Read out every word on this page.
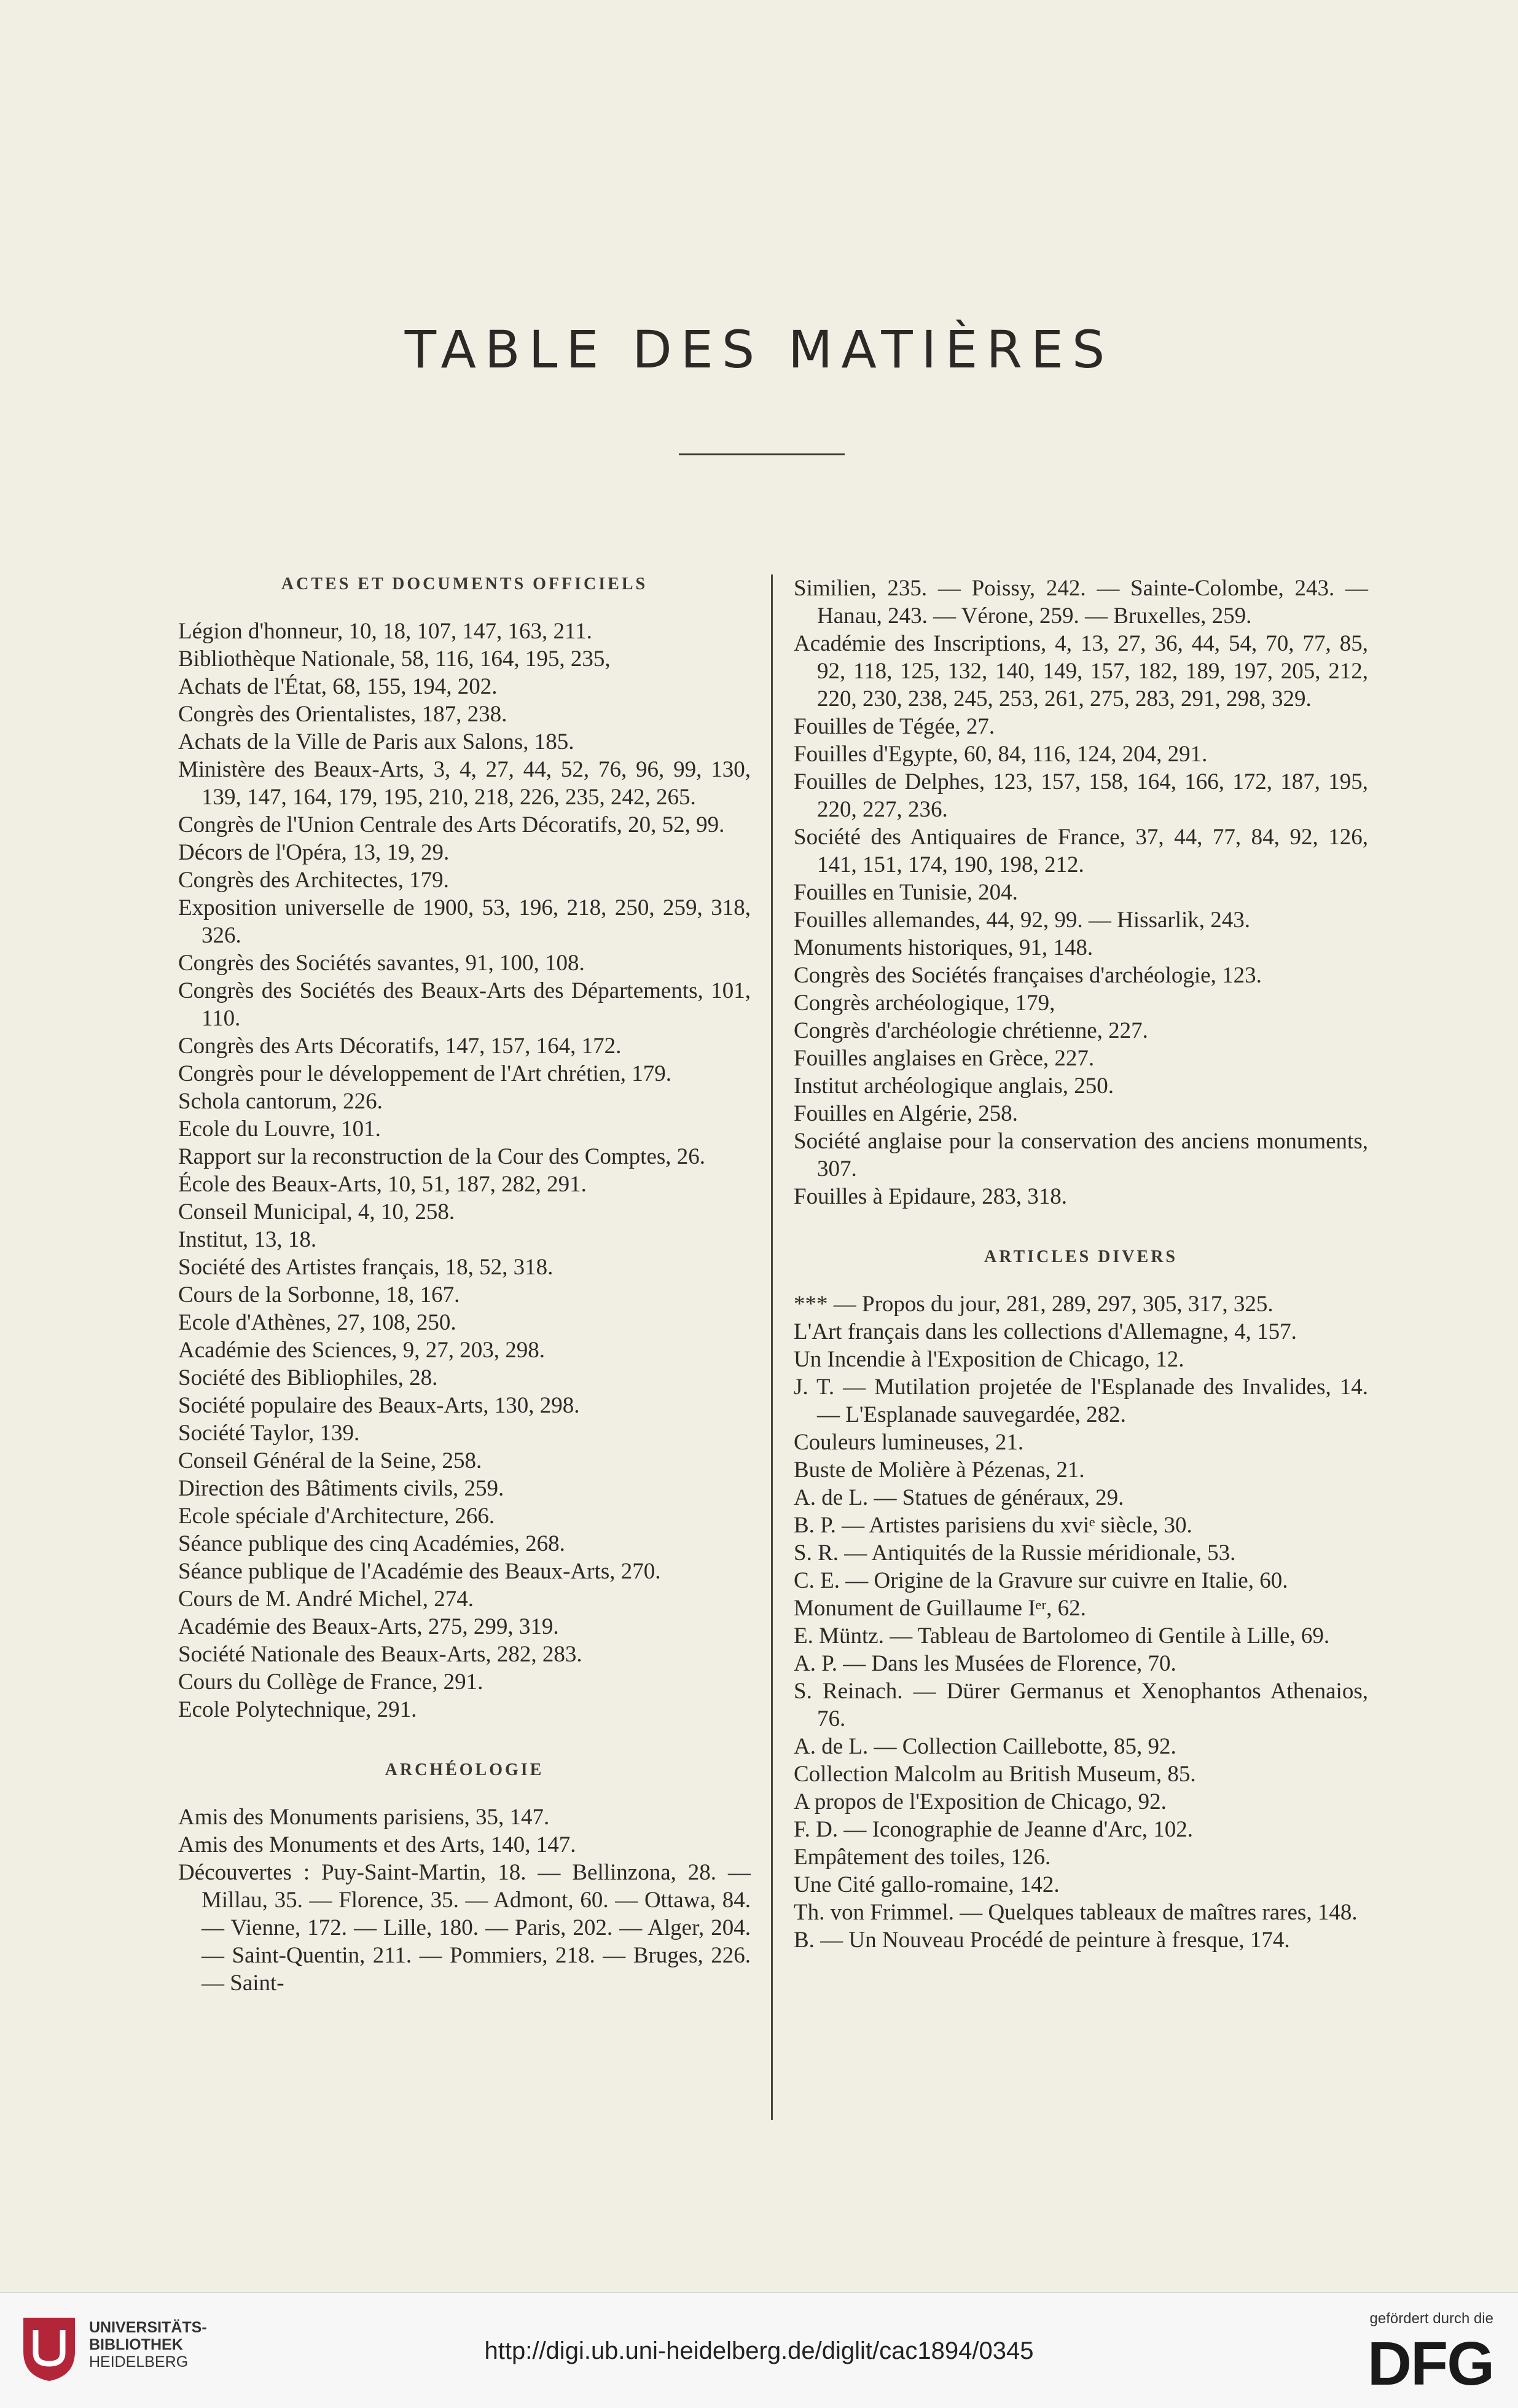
TABLE DES MATIÈRES
ACTES ET DOCUMENTS OFFICIELS

Légion d'honneur, 10, 18, 107, 147, 163, 211.

Bibliothèque Nationale, 58, 116, 164, 195, 235,

Achats de l'État, 68, 155, 194, 202.

Congrès des Orientalistes, 187, 238.

Achats de la Ville de Paris aux Salons, 185.

Ministère des Beaux-Arts, 3, 4, 27, 44, 52, 76, 96, 99, 130, 139, 147, 164, 179, 195, 210, 218, 226, 235, 242, 265.

Congrès de l'Union Centrale des Arts Décoratifs, 20, 52, 99.

Décors de l'Opéra, 13, 19, 29.

Congrès des Architectes, 179.

Exposition universelle de 1900, 53, 196, 218, 250, 259, 318, 326.

Congrès des Sociétés savantes, 91, 100, 108.

Congrès des Sociétés des Beaux-Arts des Départements, 101, 110.

Congrès des Arts Décoratifs, 147, 157, 164, 172.

Congrès pour le développement de l'Art chrétien, 179.

Schola cantorum, 226.

Ecole du Louvre, 101.

Rapport sur la reconstruction de la Cour des Comptes, 26.

École des Beaux-Arts, 10, 51, 187, 282, 291.

Conseil Municipal, 4, 10, 258.

Institut, 13, 18.

Société des Artistes français, 18, 52, 318.

Cours de la Sorbonne, 18, 167.

Ecole d'Athènes, 27, 108, 250.

Académie des Sciences, 9, 27, 203, 298.

Société des Bibliophiles, 28.

Société populaire des Beaux-Arts, 130, 298.

Société Taylor, 139.

Conseil Général de la Seine, 258.

Direction des Bâtiments civils, 259.

Ecole spéciale d'Architecture, 266.

Séance publique des cinq Académies, 268.

Séance publique de l'Académie des Beaux-Arts, 270.

Cours de M. André Michel, 274.

Académie des Beaux-Arts, 275, 299, 319.

Société Nationale des Beaux-Arts, 282, 283.

Cours du Collège de France, 291.

Ecole Polytechnique, 291.

ARCHÉOLOGIE

Amis des Monuments parisiens, 35, 147.

Amis des Monuments et des Arts, 140, 147.

Découvertes : Puy-Saint-Martin, 18. — Bellinzona, 28. — Millau, 35. — Florence, 35. — Admont, 60. — Ottawa, 84. — Vienne, 172. — Lille, 180. — Paris, 202. — Alger, 204. — Saint-Quentin, 211. — Pommiers, 218. — Bruges, 226. — Saint-

Similien, 235. — Poissy, 242. — Sainte-Colombe, 243. — Hanau, 243. — Vérone, 259. — Bruxelles, 259.

Académie des Inscriptions, 4, 13, 27, 36, 44, 54, 70, 77, 85, 92, 118, 125, 132, 140, 149, 157, 182, 189, 197, 205, 212, 220, 230, 238, 245, 253, 261, 275, 283, 291, 298, 329.

Fouilles de Tégée, 27.

Fouilles d'Egypte, 60, 84, 116, 124, 204, 291.

Fouilles de Delphes, 123, 157, 158, 164, 166, 172, 187, 195, 220, 227, 236.

Société des Antiquaires de France, 37, 44, 77, 84, 92, 126, 141, 151, 174, 190, 198, 212.

Fouilles en Tunisie, 204.

Fouilles allemandes, 44, 92, 99. — Hissarlik, 243.

Monuments historiques, 91, 148.

Congrès des Sociétés françaises d'archéologie, 123.

Congrès archéologique, 179,

Congrès d'archéologie chrétienne, 227.

Fouilles anglaises en Grèce, 227.

Institut archéologique anglais, 250.

Fouilles en Algérie, 258.

Société anglaise pour la conservation des anciens monuments, 307.

Fouilles à Epidaure, 283, 318.

ARTICLES DIVERS

*** — Propos du jour, 281, 289, 297, 305, 317, 325.

L'Art français dans les collections d'Allemagne, 4, 157.

Un Incendie à l'Exposition de Chicago, 12.

J. T. — Mutilation projetée de l'Esplanade des Invalides, 14. — L'Esplanade sauvegardée, 282.

Couleurs lumineuses, 21.

Buste de Molière à Pézenas, 21.

A. de L. — Statues de généraux, 29.

B. P. — Artistes parisiens du xviᵉ siècle, 30.

S. R. — Antiquités de la Russie méridionale, 53.

C. E. — Origine de la Gravure sur cuivre en Italie, 60.

Monument de Guillaume Iᵉʳ, 62.

E. Müntz. — Tableau de Bartolomeo di Gentile à Lille, 69.

A. P. — Dans les Musées de Florence, 70.

S. Reinach. — Dürer Germanus et Xenophantos Athenaios, 76.

A. de L. — Collection Caillebotte, 85, 92.

Collection Malcolm au British Museum, 85.

A propos de l'Exposition de Chicago, 92.

F. D. — Iconographie de Jeanne d'Arc, 102.

Empâtement des toiles, 126.

Une Cité gallo-romaine, 142.

Th. von Frimmel. — Quelques tableaux de maîtres rares, 148.

B. — Un Nouveau Procédé de peinture à fresque, 174.

UNIVERSITÄTS-
BIBLIOTHEK
HEIDELBERG	http://digi.ub.uni-heidelberg.de/diglit/cac1894/0345
gefördert durch die
DFG
